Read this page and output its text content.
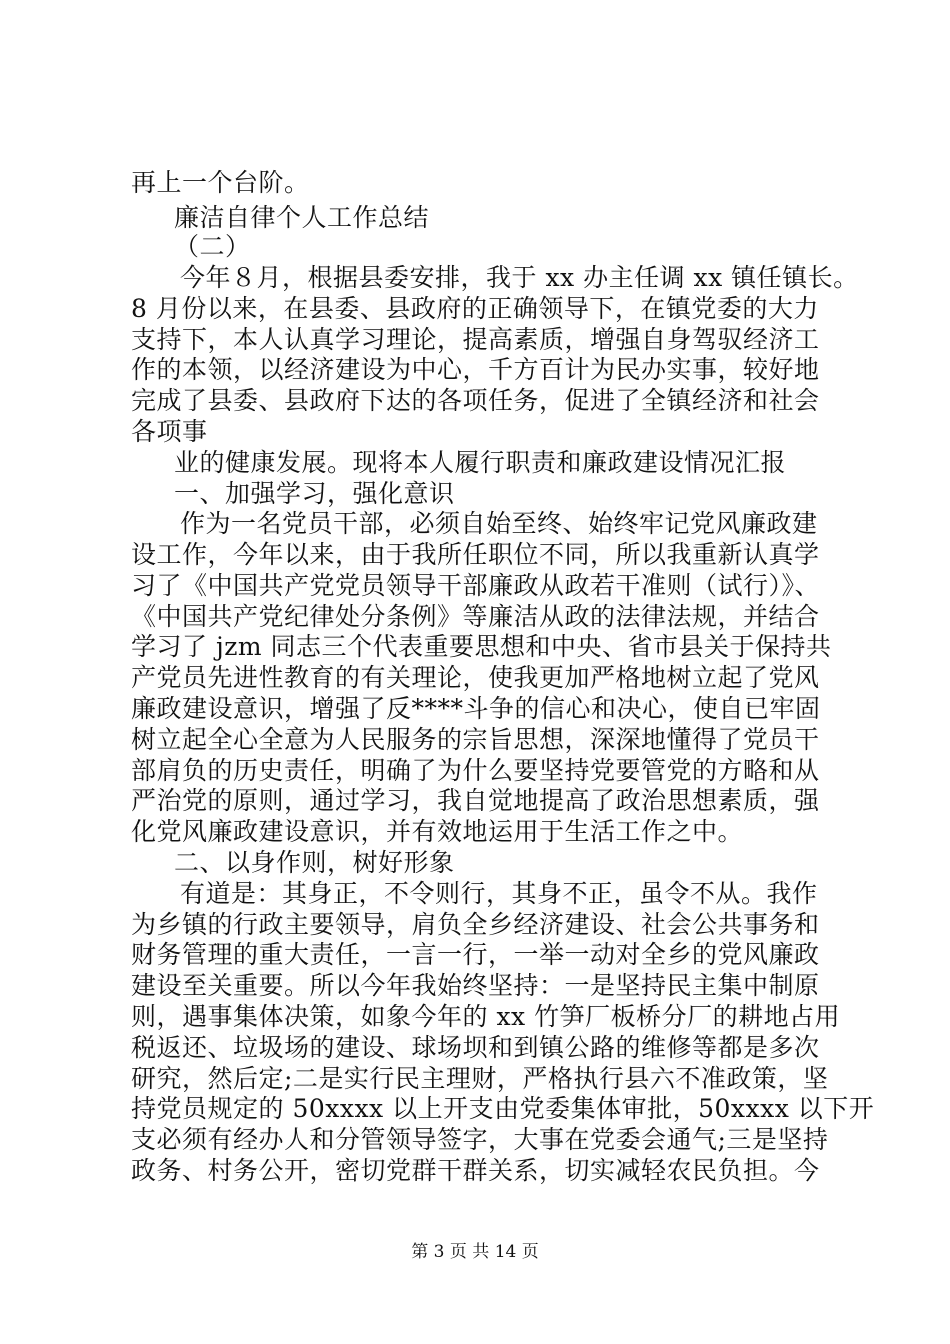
再上一个台阶。
廉洁自律个人工作总结
（二）
今年８月，根据县委安排，我于 xx 办主任调 xx 镇任镇长。
8 月份以来，在县委、县政府的正确领导下，在镇党委的大力
支持下，本人认真学习理论，提高素质，增强自身驾驭经济工
作的本领，以经济建设为中心，千方百计为民办实事，较好地
完成了县委、县政府下达的各项任务，促进了全镇经济和社会
各项事
业的健康发展。现将本人履行职责和廉政建设情况汇报
一、加强学习，强化意识
作为一名党员干部，必须自始至终、始终牢记党风廉政建
设工作，今年以来，由于我所任职位不同，所以我重新认真学
习了《中国共产党党员领导干部廉政从政若干准则（试行）》、
《中国共产党纪律处分条例》等廉洁从政的法律法规，并结合
学习了 jzm 同志三个代表重要思想和中央、省市县关于保持共
产党员先进性教育的有关理论，使我更加严格地树立起了党风
廉政建设意识，增强了反****斗争的信心和决心，使自已牢固
树立起全心全意为人民服务的宗旨思想，深深地懂得了党员干
部肩负的历史责任，明确了为什么要坚持党要管党的方略和从
严治党的原则，通过学习，我自觉地提高了政治思想素质，强
化党风廉政建设意识，并有效地运用于生活工作之中。
二、以身作则，树好形象
有道是：其身正，不令则行，其身不正，虽令不从。我作
为乡镇的行政主要领导，肩负全乡经济建设、社会公共事务和
财务管理的重大责任，一言一行，一举一动对全乡的党风廉政
建设至关重要。所以今年我始终坚持：一是坚持民主集中制原
则，遇事集体决策，如象今年的 xx 竹笋厂板桥分厂的耕地占用
税返还、垃圾场的建设、球场坝和到镇公路的维修等都是多次
研究，然后定;二是实行民主理财，严格执行县六不准政策，坚
持党员规定的 50xxxx 以上开支由党委集体审批，50xxxx 以下开
支必须有经办人和分管领导签字，大事在党委会通气;三是坚持
政务、村务公开，密切党群干群关系，切实减轻农民负担。今
第 3 页 共 14 页
